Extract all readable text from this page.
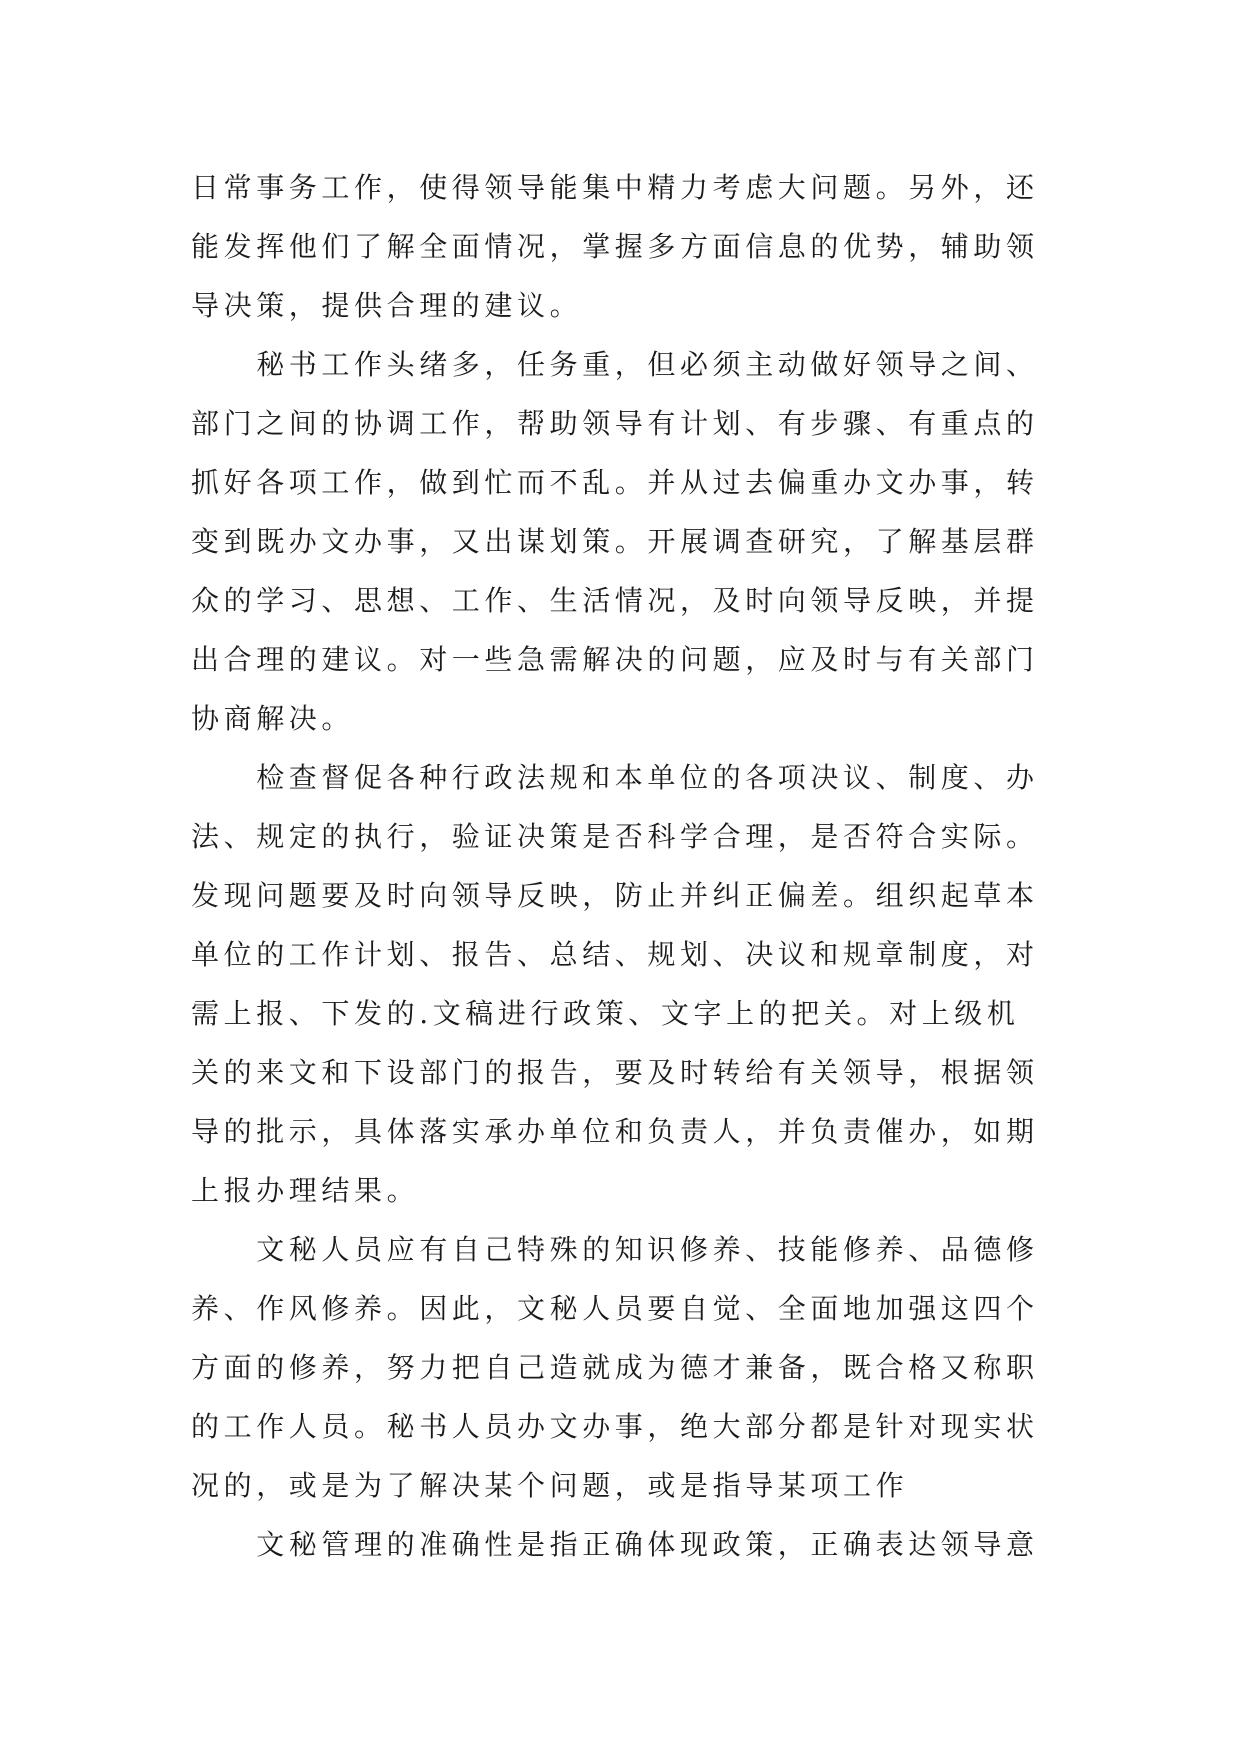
日常事务工作，使得领导能集中精力考虑大问题。另外，还
能发挥他们了解全面情况，掌握多方面信息的优势，辅助领
导决策，提供合理的建议。
　　秘书工作头绪多，任务重，但必须主动做好领导之间、
部门之间的协调工作，帮助领导有计划、有步骤、有重点的
抓好各项工作，做到忙而不乱。并从过去偏重办文办事，转
变到既办文办事，又出谋划策。开展调查研究，了解基层群
众的学习、思想、工作、生活情况，及时向领导反映，并提
出合理的建议。对一些急需解决的问题，应及时与有关部门
协商解决。
　　检查督促各种行政法规和本单位的各项决议、制度、办
法、规定的执行，验证决策是否科学合理，是否符合实际。
发现问题要及时向领导反映，防止并纠正偏差。组织起草本
单位的工作计划、报告、总结、规划、决议和规章制度，对
需上报、下发的.文稿进行政策、文字上的把关。对上级机
关的来文和下设部门的报告，要及时转给有关领导，根据领
导的批示，具体落实承办单位和负责人，并负责催办，如期
上报办理结果。
　　文秘人员应有自己特殊的知识修养、技能修养、品德修
养、作风修养。因此，文秘人员要自觉、全面地加强这四个
方面的修养，努力把自己造就成为德才兼备，既合格又称职
的工作人员。秘书人员办文办事，绝大部分都是针对现实状
况的，或是为了解决某个问题，或是指导某项工作
　　文秘管理的准确性是指正确体现政策，正确表达领导意
